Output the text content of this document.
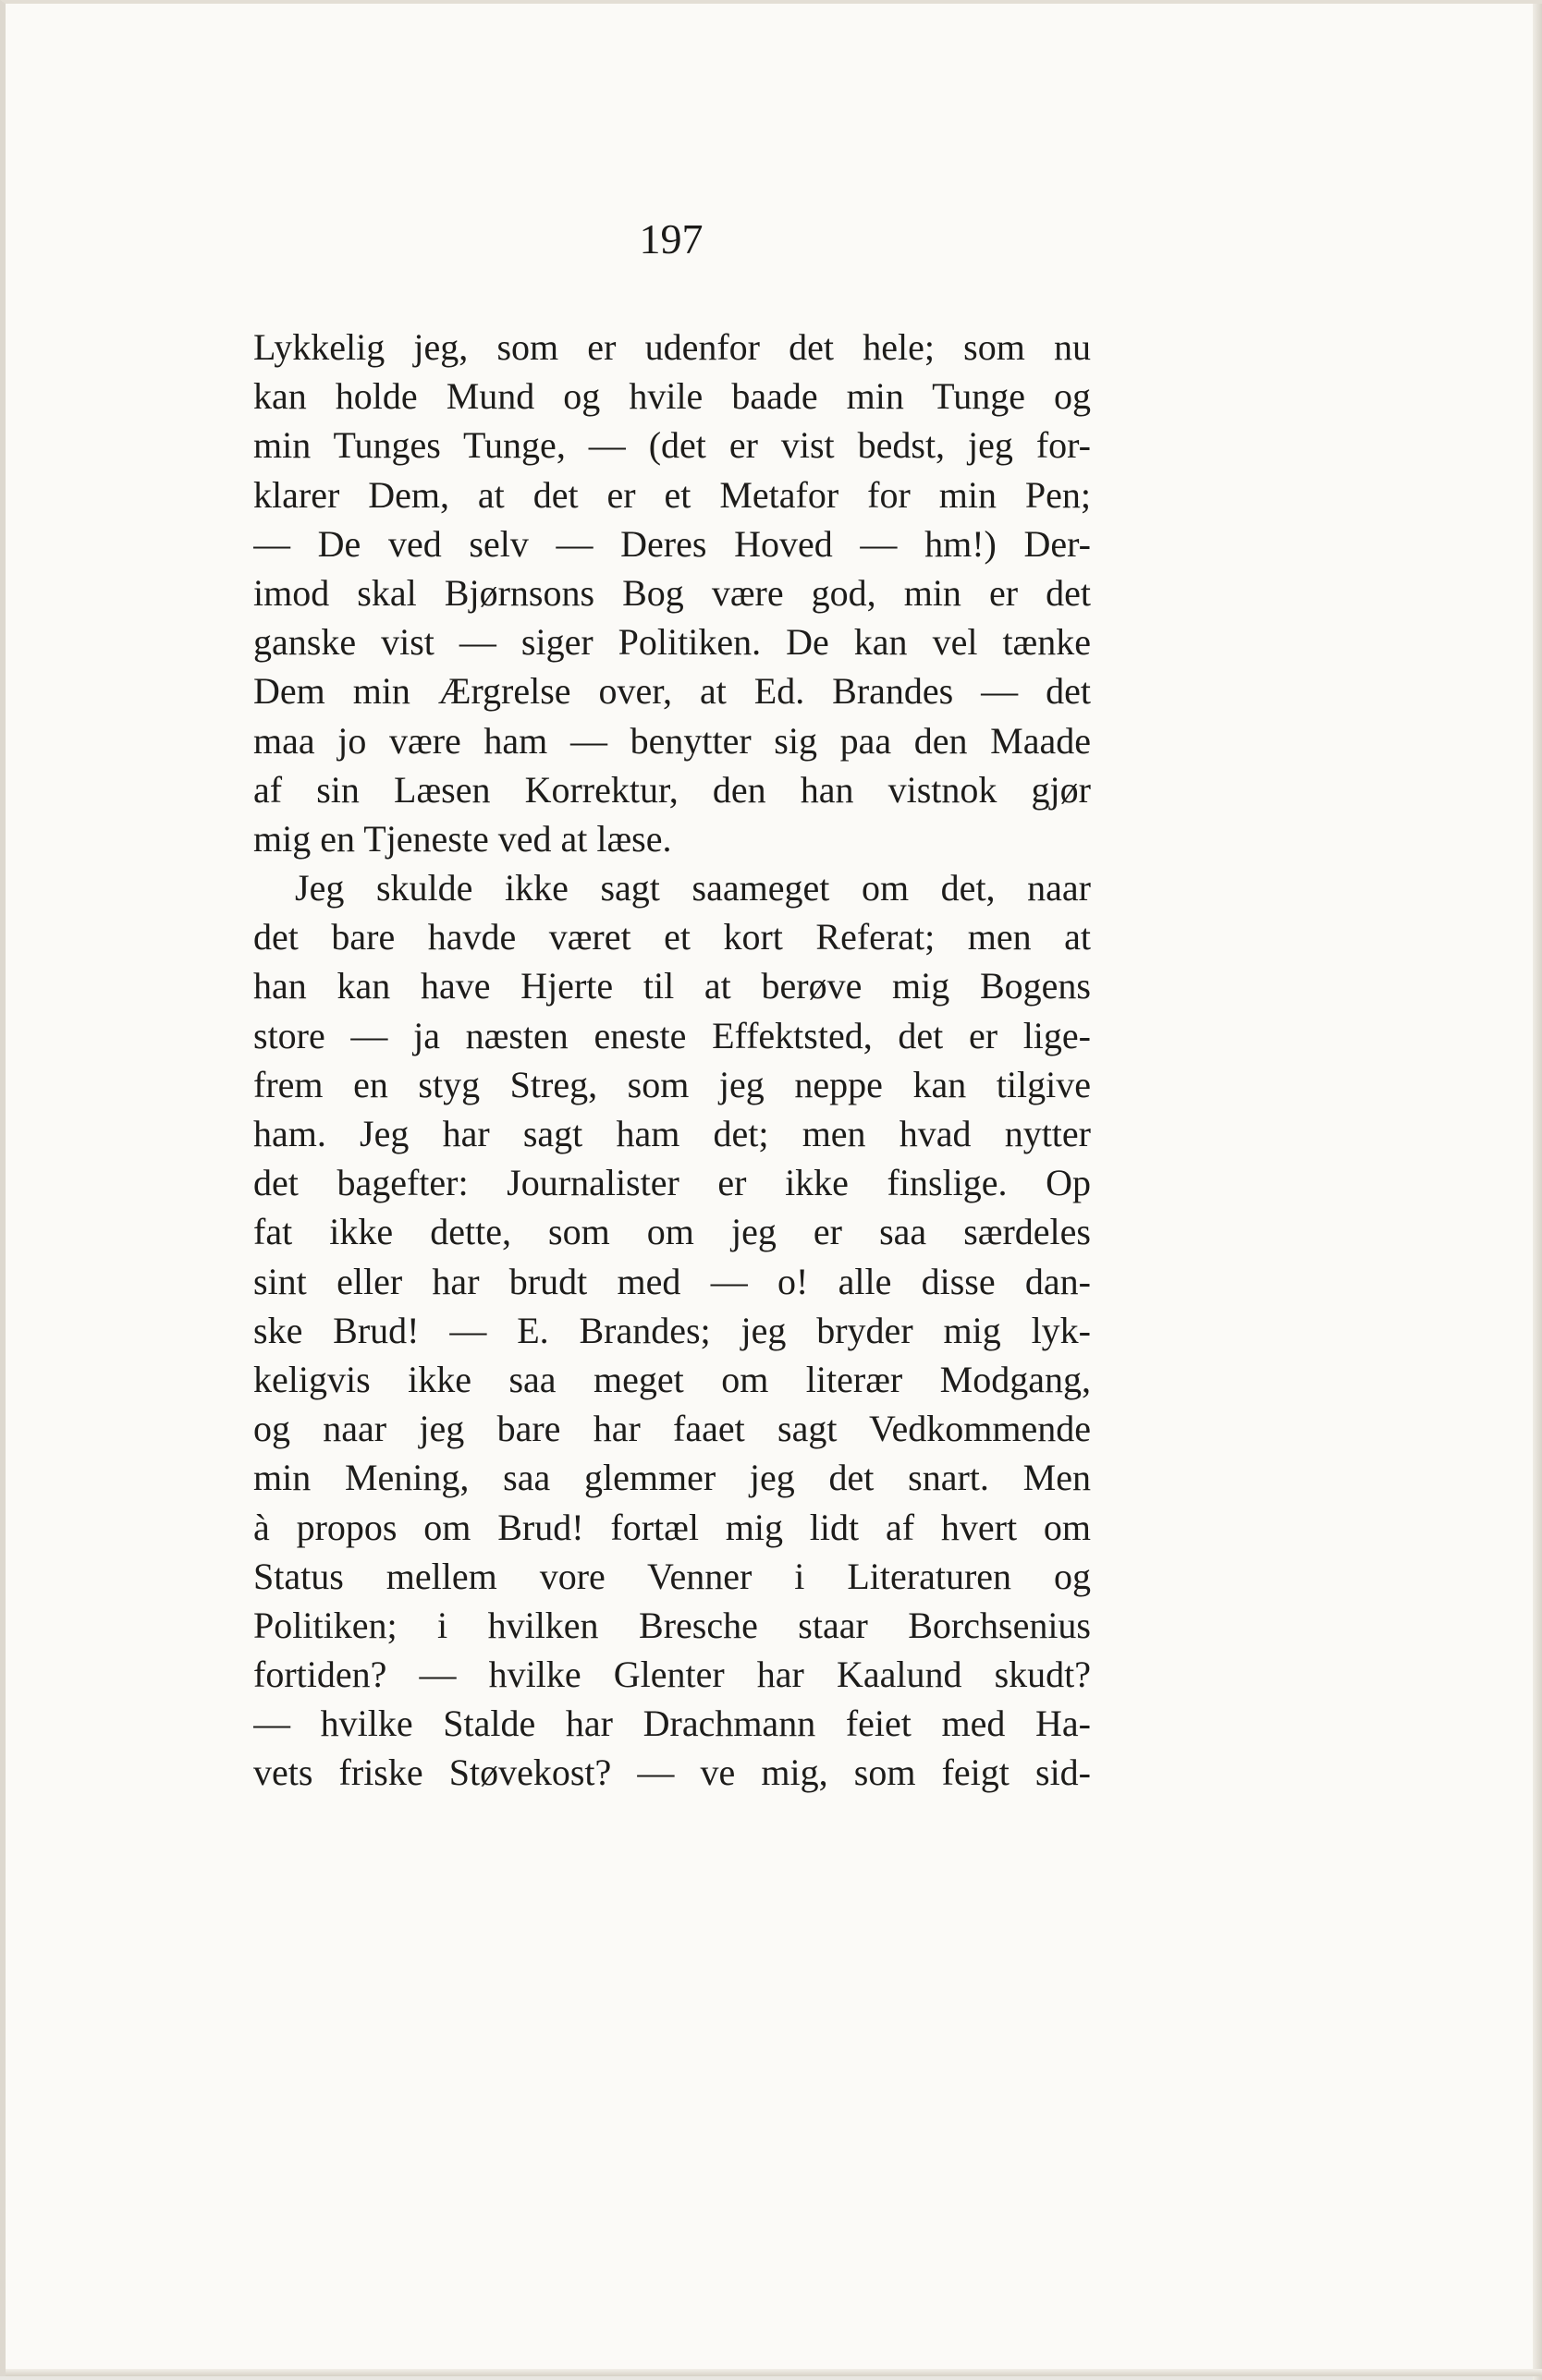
197
Lykkelig jeg, som er udenfor det hele; som nu
kan holde Mund og hvile baade min Tunge og
min Tunges Tunge, — (det er vist bedst, jeg for-
klarer Dem, at det er et Metafor for min Pen;
— De ved selv — Deres Hoved — hm!) Der-
imod skal Bjørnsons Bog være god, min er det
ganske vist — siger Politiken. De kan vel tænke
Dem min Ærgrelse over, at Ed. Brandes — det
maa jo være ham — benytter sig paa den Maade
af sin Læsen Korrektur, den han vistnok gjør
mig en Tjeneste ved at læse.
Jeg skulde ikke sagt saameget om det, naar
det bare havde været et kort Referat; men at
han kan have Hjerte til at berøve mig Bogens
store — ja næsten eneste Effektsted, det er lige-
frem en styg Streg, som jeg neppe kan tilgive
ham. Jeg har sagt ham det; men hvad nytter
det bagefter: Journalister er ikke finslige. Op
fat ikke dette, som om jeg er saa særdeles
sint eller har brudt med — o! alle disse dan-
ske Brud! — E. Brandes; jeg bryder mig lyk-
keligvis ikke saa meget om literær Modgang,
og naar jeg bare har faaet sagt Vedkommende
min Mening, saa glemmer jeg det snart. Men
à propos om Brud! fortæl mig lidt af hvert om
Status mellem vore Venner i Literaturen og
Politiken; i hvilken Bresche staar Borchsenius
fortiden? — hvilke Glenter har Kaalund skudt?
— hvilke Stalde har Drachmann feiet med Ha-
vets friske Støvekost? — ve mig, som feigt sid-
